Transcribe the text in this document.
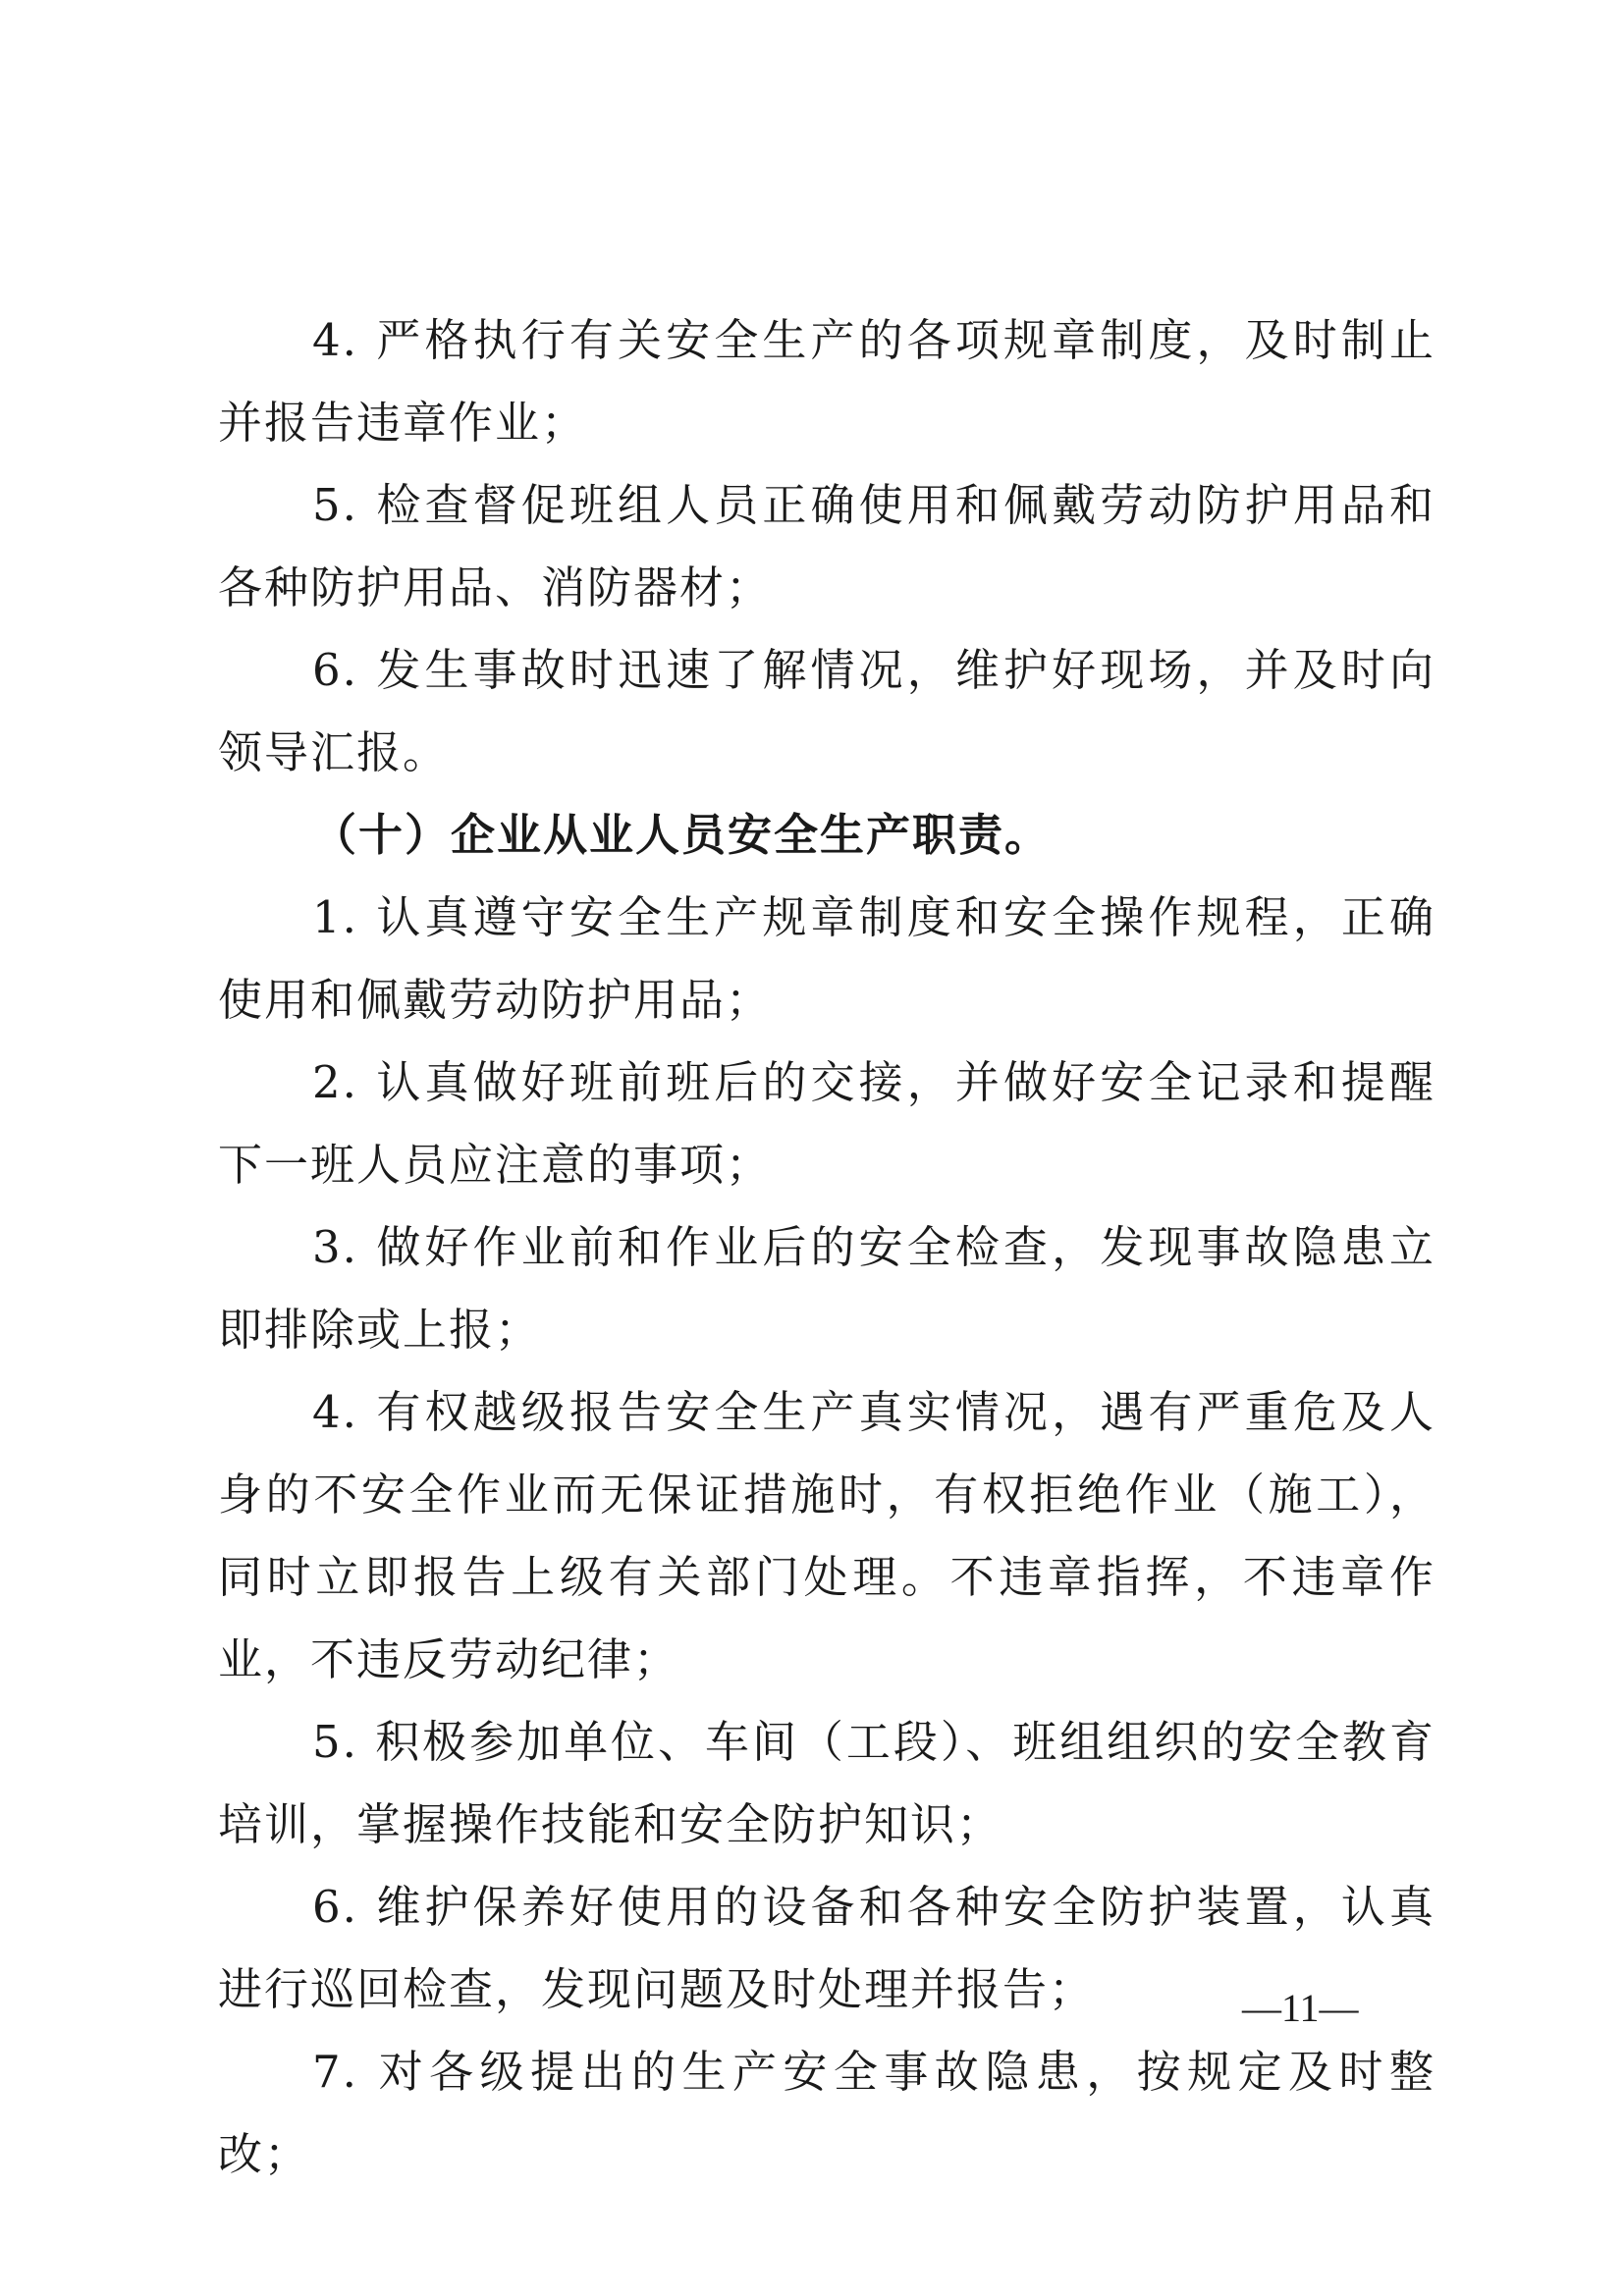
4. 严格执行有关安全生产的各项规章制度，及时制止并报告违章作业；

5. 检查督促班组人员正确使用和佩戴劳动防护用品和各种防护用品、消防器材；

6. 发生事故时迅速了解情况，维护好现场，并及时向领导汇报。

（十）企业从业人员安全生产职责。

1. 认真遵守安全生产规章制度和安全操作规程，正确使用和佩戴劳动防护用品；

2. 认真做好班前班后的交接，并做好安全记录和提醒下一班人员应注意的事项；

3. 做好作业前和作业后的安全检查，发现事故隐患立即排除或上报；

4. 有权越级报告安全生产真实情况，遇有严重危及人身的不安全作业而无保证措施时，有权拒绝作业（施工），同时立即报告上级有关部门处理。不违章指挥，不违章作业，不违反劳动纪律；

5. 积极参加单位、车间（工段）、班组组织的安全教育培训，掌握操作技能和安全防护知识；

6. 维护保养好使用的设备和各种安全防护装置，认真进行巡回检查，发现问题及时处理并报告；

7. 对各级提出的生产安全事故隐患，按规定及时整改；

—11—
